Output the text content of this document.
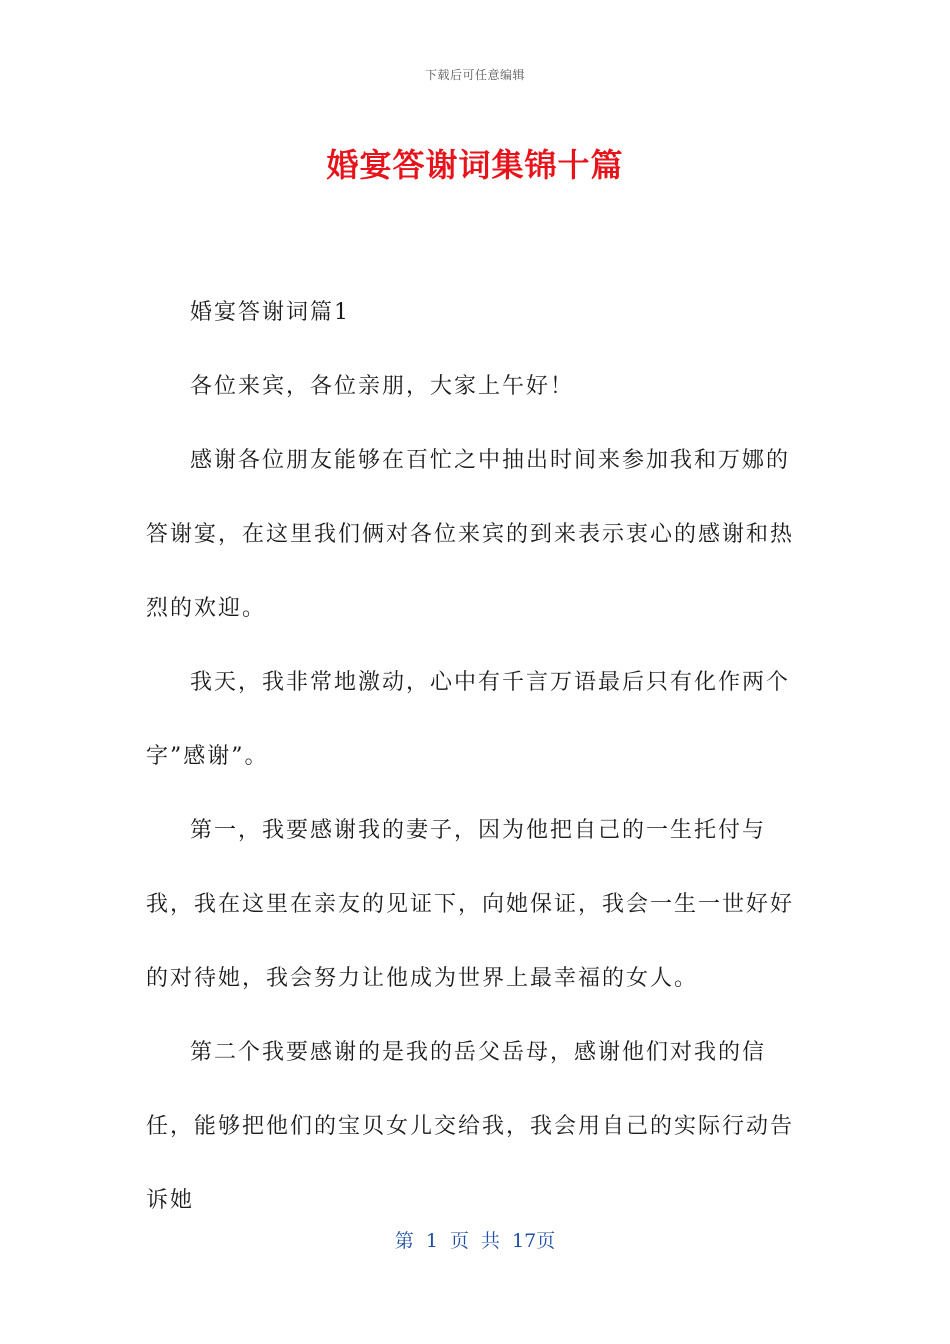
下载后可任意编辑
婚宴答谢词集锦十篇

婚宴答谢词篇1

各位来宾，各位亲朋，大家上午好！

感谢各位朋友能够在百忙之中抽出时间来参加我和万娜的答谢宴，在这里我们俩对各位来宾的到来表示衷心的感谢和热烈的欢迎。

我天，我非常地激动，心中有千言万语最后只有化作两个字”感谢”。

第一，我要感谢我的妻子，因为他把自己的一生托付与我，我在这里在亲友的见证下，向她保证，我会一生一世好好的对待她，我会努力让他成为世界上最幸福的女人。

第二个我要感谢的是我的岳父岳母，感谢他们对我的信任，能够把他们的宝贝女儿交给我，我会用自己的实际行动告诉她

第 1 页 共 17页
